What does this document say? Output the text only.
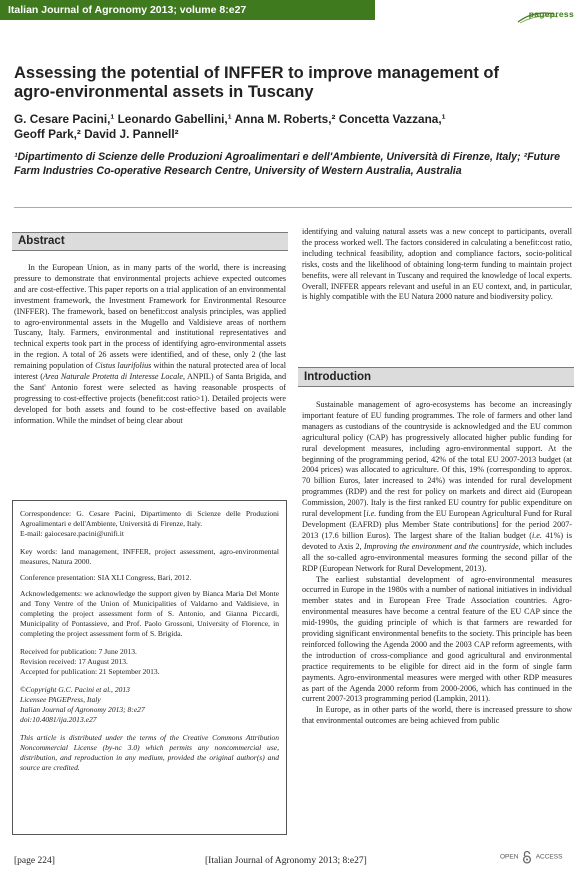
Italian Journal of Agronomy 2013; volume 8:e27	pagepress
Assessing the potential of INFFER to improve management of agro-environmental assets in Tuscany
G. Cesare Pacini,¹ Leonardo Gabellini,¹ Anna M. Roberts,² Concetta Vazzana,¹
Geoff Park,² David J. Pannell²
¹Dipartimento di Scienze delle Produzioni Agroalimentari e dell'Ambiente, Università di Firenze, Italy; ²Future Farm Industries Co-operative Research Centre, University of Western Australia, Australia
Abstract

In the European Union, as in many parts of the world, there is increasing pressure to demonstrate that environmental projects achieve expected outcomes and are cost-effective. This paper reports on a trial application of an environmental investment framework, the Investment Framework for Environmental Resource (INFFER). The framework, based on benefit:cost analysis principles, was applied to agro-environmental assets in the Mugello and Valdisieve areas of northern Tuscany, Italy. Farmers, environmental and institutional representatives and technical experts took part in the process of identifying agro-environmental assets in the region. A total of 26 assets were identified, and of these, only 2 (the last remaining population of Cistus laurifolius within the natural protected area of local interest (Area Naturale Protetta di Interesse Locale, ANPIL) of Santa Brigida, and the Sant' Antonio forest were selected as having reasonable prospects of progressing to cost-effective projects (benefit:cost ratio>1). Detailed projects were developed for both assets and found to be cost-effective based on available information. While the mindset of being clear about

Correspondence: G. Cesare Pacini, Dipartimento di Scienze delle Produzioni Agroalimentari e dell'Ambiente, Università di Firenze, Italy.

E-mail: gaiocesare.pacini@unifi.it

Key words: land management, INFFER, project assessment, agro-environmental measures, Natura 2000.

Conference presentation: SIA XLI Congress, Bari, 2012.

Acknowledgements: we acknowledge the support given by Bianca Maria Del Monte and Tony Ventre of the Union of Municipalities of Valdarno and Valdisieve, in completing the project assessment form of S. Antonio, and Gianna Piccardi, Municipality of Pontassieve, and Prof. Paolo Grossoni, University of Florence, in completing the project assessment form of S. Brigida.

Received for publication: 7 June 2013.

Revision received: 17 August 2013.

Accepted for publication: 21 September 2013.

©Copyright G.C. Pacini et al., 2013

Licensee PAGEPress, Italy

Italian Journal of Agronomy 2013; 8:e27

doi:10.4081/ija.2013.e27

This article is distributed under the terms of the Creative Commons Attribution Noncommercial License (by-nc 3.0) which permits any noncommercial use, distribution, and reproduction in any medium, provided the original author(s) and source are credited.

identifying and valuing natural assets was a new concept to participants, overall the process worked well. The factors considered in calculating a benefit:cost ratio, including technical feasibility, adoption and compliance factors, socio-political risks, costs and the likelihood of obtaining long-term funding to maintain project benefits, were all relevant in Tuscany and required the knowledge of local experts. Overall, INFFER appears relevant and useful in an EU context, and, in particular, is highly compatible with the EU Natura 2000 nature and biodiversity policy.

Introduction

Sustainable management of agro-ecosystems has become an increasingly important feature of EU funding programmes. The role of farmers and other land managers as custodians of the countryside is acknowledged and the EU common agricultural policy (CAP) has progressively allocated higher public funding for rural development measures, including agro-environmental support. At the beginning of the programming period, 42% of the total EU 2007-2013 budget (at 2004 prices) was allocated to agriculture. Of this, 19% (corresponding to approx. 70 billion Euros, later increased to 24%) was intended for rural development programmes (RDP) and the rest for policy on markets and direct aid (European Commission, 2007). Italy is the first ranked EU country for public expenditure on rural development [i.e. funding from the EU European Agricultural Fund for Rural Development (EAFRD) plus Member State contributions] for the period 2007-2013 (17.6 billion Euros). The largest share of the Italian budget (i.e. 41%) is devoted to Axis 2, Improving the environment and the countryside, which includes all the so-called agro-environmental measures forming the second pillar of the RDP (European Network for Rural Development, 2013).

The earliest substantial development of agro-environmental measures occurred in Europe in the 1980s with a number of national initiatives in individual member states and in European Free Trade Association countries. Agro-environmental measures have become a central feature of the EU CAP since the mid-1990s, the guiding principle of which is that farmers are rewarded for providing significant environmental benefits to the society. This principle has been reinforced following the Agenda 2000 and the 2003 CAP reform agreements, with the introduction of cross-compliance and good agricultural and environmental practice requirements to be eligible for direct aid in the form of single farm payments. Agro-environmental measures were merged with other RDP measures as part of the Agenda 2000 reform from 2000-2006, which has continued in the current 2007-2013 programming period (Lampkin, 2011).

In Europe, as in other parts of the world, there is increased pressure to show that environmental outcomes are being achieved from public

[page 224]	[Italian Journal of Agronomy 2013; 8:e27]	OPEN	ACCESS
